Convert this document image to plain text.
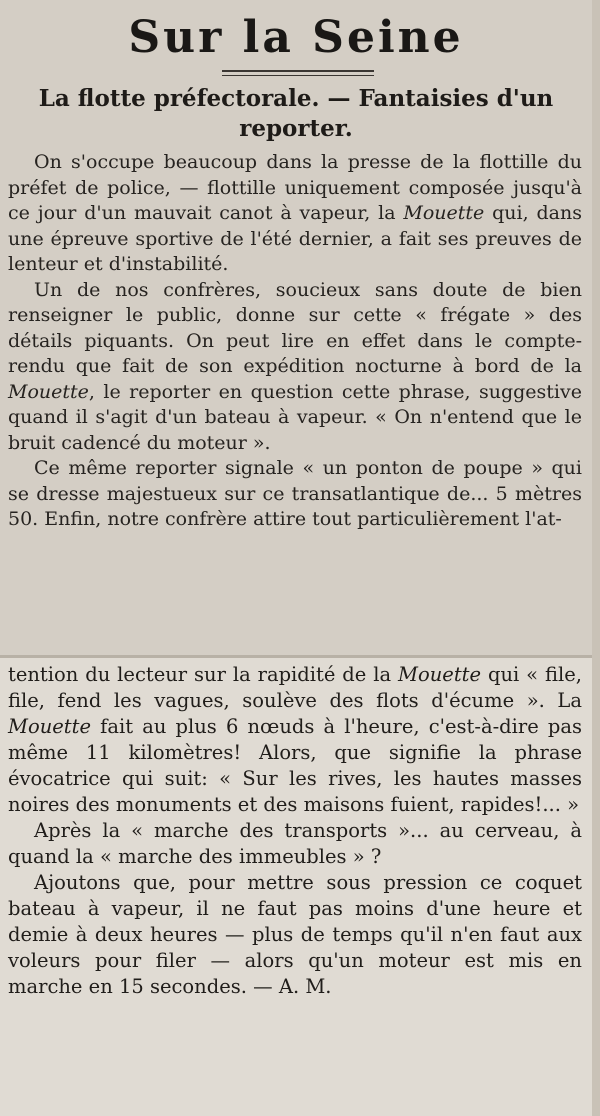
Sur la Seine
La flotte préfectorale. — Fantaisies d'un reporter.

On s'occupe beaucoup dans la presse de la flottille du préfet de police, — flottille uniquement composée jusqu'à ce jour d'un mauvait canot à vapeur, la Mouette qui, dans une épreuve sportive de l'été dernier, a fait ses preuves de lenteur et d'instabilité.

Un de nos confrères, soucieux sans doute de bien renseigner le public, donne sur cette « frégate » des détails piquants. On peut lire en effet dans le compte-rendu que fait de son expédition nocturne à bord de la Mouette, le reporter en question cette phrase, suggestive quand il s'agit d'un bateau à vapeur. « On n'entend que le bruit cadencé du moteur ».

Ce même reporter signale « un ponton de poupe » qui se dresse majestueux sur ce transatlantique de... 5 mètres 50. Enfin, notre confrère attire tout particulièrement l'at-

tention du lecteur sur la rapidité de la Mouette qui « file, file, fend les vagues, soulève des flots d'écume ». La Mouette fait au plus 6 nœuds à l'heure, c'est-à-dire pas même 11 kilomètres! Alors, que signifie la phrase évocatrice qui suit: « Sur les rives, les hautes masses noires des monuments et des maisons fuient, rapides!... »

Après la « marche des transports »... au cerveau, à quand la « marche des immeubles » ?

Ajoutons que, pour mettre sous pression ce coquet bateau à vapeur, il ne faut pas moins d'une heure et demie à deux heures — plus de temps qu'il n'en faut aux voleurs pour filer — alors qu'un moteur est mis en marche en 15 secondes. — A. M.
